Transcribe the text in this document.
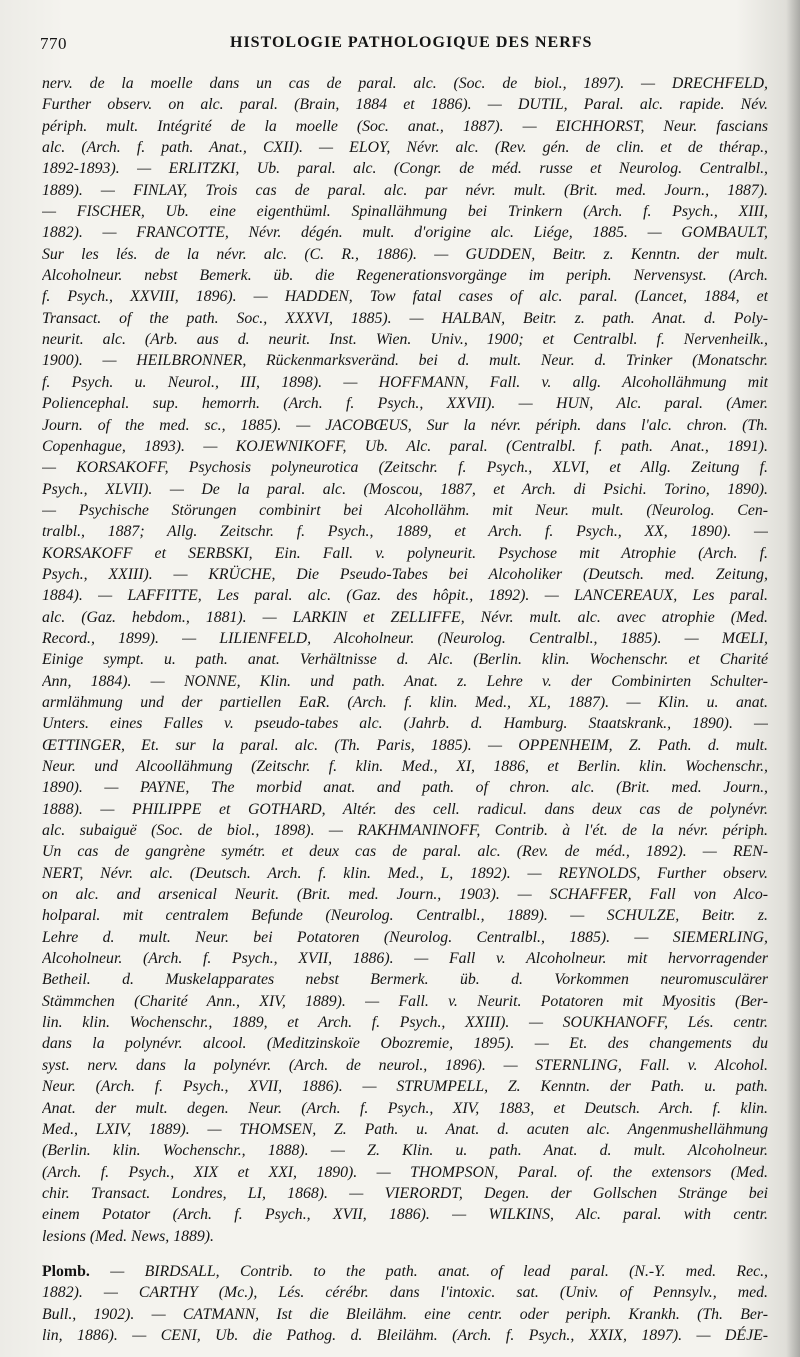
770	HISTOLOGIE PATHOLOGIQUE DES NERFS
nerv. de la moelle dans un cas de paral. alc. (Soc. de biol., 1897). — DRECHFELD,
Further observ. on alc. paral. (Brain, 1884 et 1886). — DUTIL, Paral. alc. rapide. Név.
périph. mult. Intégrité de la moelle (Soc. anat., 1887). — EICHHORST, Neur. fascians
alc. (Arch. f. path. Anat., CXII). — ELOY, Névr. alc. (Rev. gén. de clin. et de thérap.,
1892-1893). — ERLITZKI, Ub. paral. alc. (Congr. de méd. russe et Neurolog. Centralbl.,
1889). — FINLAY, Trois cas de paral. alc. par névr. mult. (Brit. med. Journ., 1887).
— FISCHER, Ub. eine eigenthüml. Spinallähmung bei Trinkern (Arch. f. Psych., XIII,
1882). — FRANCOTTE, Névr. dégén. mult. d'origine alc. Liége, 1885. — GOMBAULT,
Sur les lés. de la névr. alc. (C. R., 1886). — GUDDEN, Beitr. z. Kenntn. der mult.
Alcoholneur. nebst Bemerk. üb. die Regenerationsvorgänge im periph. Nervensyst. (Arch.
f. Psych., XXVIII, 1896). — HADDEN, Tow fatal cases of alc. paral. (Lancet, 1884, et
Transact. of the path. Soc., XXXVI, 1885). — HALBAN, Beitr. z. path. Anat. d. Poly-
neurit. alc. (Arb. aus d. neurit. Inst. Wien. Univ., 1900; et Centralbl. f. Nervenheilk.,
1900). — HEILBRONNER, Rückenmarksveränd. bei d. mult. Neur. d. Trinker (Monatschr.
f. Psych. u. Neurol., III, 1898). — HOFFMANN, Fall. v. allg. Alcohollähmung mit
Poliencephal. sup. hemorrh. (Arch. f. Psych., XXVII). — HUN, Alc. paral. (Amer.
Journ. of the med. sc., 1885). — JACOBŒUS, Sur la névr. périph. dans l'alc. chron. (Th.
Copenhague, 1893). — KOJEWNIKOFF, Ub. Alc. paral. (Centralbl. f. path. Anat., 1891).
— KORSAKOFF, Psychosis polyneurotica (Zeitschr. f. Psych., XLVI, et Allg. Zeitung f.
Psych., XLVII). — De la paral. alc. (Moscou, 1887, et Arch. di Psichi. Torino, 1890).
— Psychische Störungen combinirt bei Alcohollähm. mit Neur. mult. (Neurolog. Cen-
tralbl., 1887; Allg. Zeitschr. f. Psych., 1889, et Arch. f. Psych., XX, 1890). —
KORSAKOFF et SERBSKI, Ein. Fall. v. polyneurit. Psychose mit Atrophie (Arch. f.
Psych., XXIII). — KRÜCHE, Die Pseudo-Tabes bei Alcoholiker (Deutsch. med. Zeitung,
1884). — LAFFITTE, Les paral. alc. (Gaz. des hôpit., 1892). — LANCEREAUX, Les paral.
alc. (Gaz. hebdom., 1881). — LARKIN et ZELLIFFE, Névr. mult. alc. avec atrophie (Med.
Record., 1899). — LILIENFELD, Alcoholneur. (Neurolog. Centralbl., 1885). — MŒLI,
Einige sympt. u. path. anat. Verhältnisse d. Alc. (Berlin. klin. Wochenschr. et Charité
Ann, 1884). — NONNE, Klin. und path. Anat. z. Lehre v. der Combinirten Schulter-
armlähmung und der partiellen EaR. (Arch. f. klin. Med., XL, 1887). — Klin. u. anat.
Unters. eines Falles v. pseudo-tabes alc. (Jahrb. d. Hamburg. Staatskrank., 1890). —
ŒTTINGER, Et. sur la paral. alc. (Th. Paris, 1885). — OPPENHEIM, Z. Path. d. mult.
Neur. und Alcoollähmung (Zeitschr. f. klin. Med., XI, 1886, et Berlin. klin. Wochenschr.,
1890). — PAYNE, The morbid anat. and path. of chron. alc. (Brit. med. Journ.,
1888). — PHILIPPE et GOTHARD, Altér. des cell. radicul. dans deux cas de polynévr.
alc. subaiguë (Soc. de biol., 1898). — RAKHMANINOFF, Contrib. à l'ét. de la névr. périph.
Un cas de gangrène symétr. et deux cas de paral. alc. (Rev. de méd., 1892). — REN-
NERT, Névr. alc. (Deutsch. Arch. f. klin. Med., L, 1892). — REYNOLDS, Further observ.
on alc. and arsenical Neurit. (Brit. med. Journ., 1903). — SCHAFFER, Fall von Alco-
holparal. mit centralem Befunde (Neurolog. Centralbl., 1889). — SCHULZE, Beitr. z.
Lehre d. mult. Neur. bei Potatoren (Neurolog. Centralbl., 1885). — SIEMERLING,
Alcoholneur. (Arch. f. Psych., XVII, 1886). — Fall v. Alcoholneur. mit hervorragender
Betheil. d. Muskelapparates nebst Bermerk. üb. d. Vorkommen neuromusculärer
Stämmchen (Charité Ann., XIV, 1889). — Fall. v. Neurit. Potatoren mit Myositis (Ber-
lin. klin. Wochenschr., 1889, et Arch. f. Psych., XXIII). — SOUKHANOFF, Lés. centr.
dans la polynévr. alcool. (Meditzinskoïe Obozremie, 1895). — Et. des changements du
syst. nerv. dans la polynévr. (Arch. de neurol., 1896). — STERNLING, Fall. v. Alcohol.
Neur. (Arch. f. Psych., XVII, 1886). — STRUMPELL, Z. Kenntn. der Path. u. path.
Anat. der mult. degen. Neur. (Arch. f. Psych., XIV, 1883, et Deutsch. Arch. f. klin.
Med., LXIV, 1889). — THOMSEN, Z. Path. u. Anat. d. acuten alc. Angenmushellähmung
(Berlin. klin. Wochenschr., 1888). — Z. Klin. u. path. Anat. d. mult. Alcoholneur.
(Arch. f. Psych., XIX et XXI, 1890). — THOMPSON, Paral. of. the extensors (Med.
chir. Transact. Londres, LI, 1868). — VIERORDT, Degen. der Gollschen Stränge bei
einem Potator (Arch. f. Psych., XVII, 1886). — WILKINS, Alc. paral. with centr.
lesions (Med. News, 1889).
Plomb. — BIRDSALL, Contrib. to the path. anat. of lead paral. (N.-Y. med. Rec.,
1882). — CARTHY (Mc.), Lés. cérébr. dans l'intoxic. sat. (Univ. of Pennsylv., med.
Bull., 1902). — CATMANN, Ist die Bleilähm. eine centr. oder periph. Krankh. (Th. Ber-
lin, 1886). — CENI, Ub. die Pathog. d. Bleilähm. (Arch. f. Psych., XXIX, 1897). — DÉJE-
